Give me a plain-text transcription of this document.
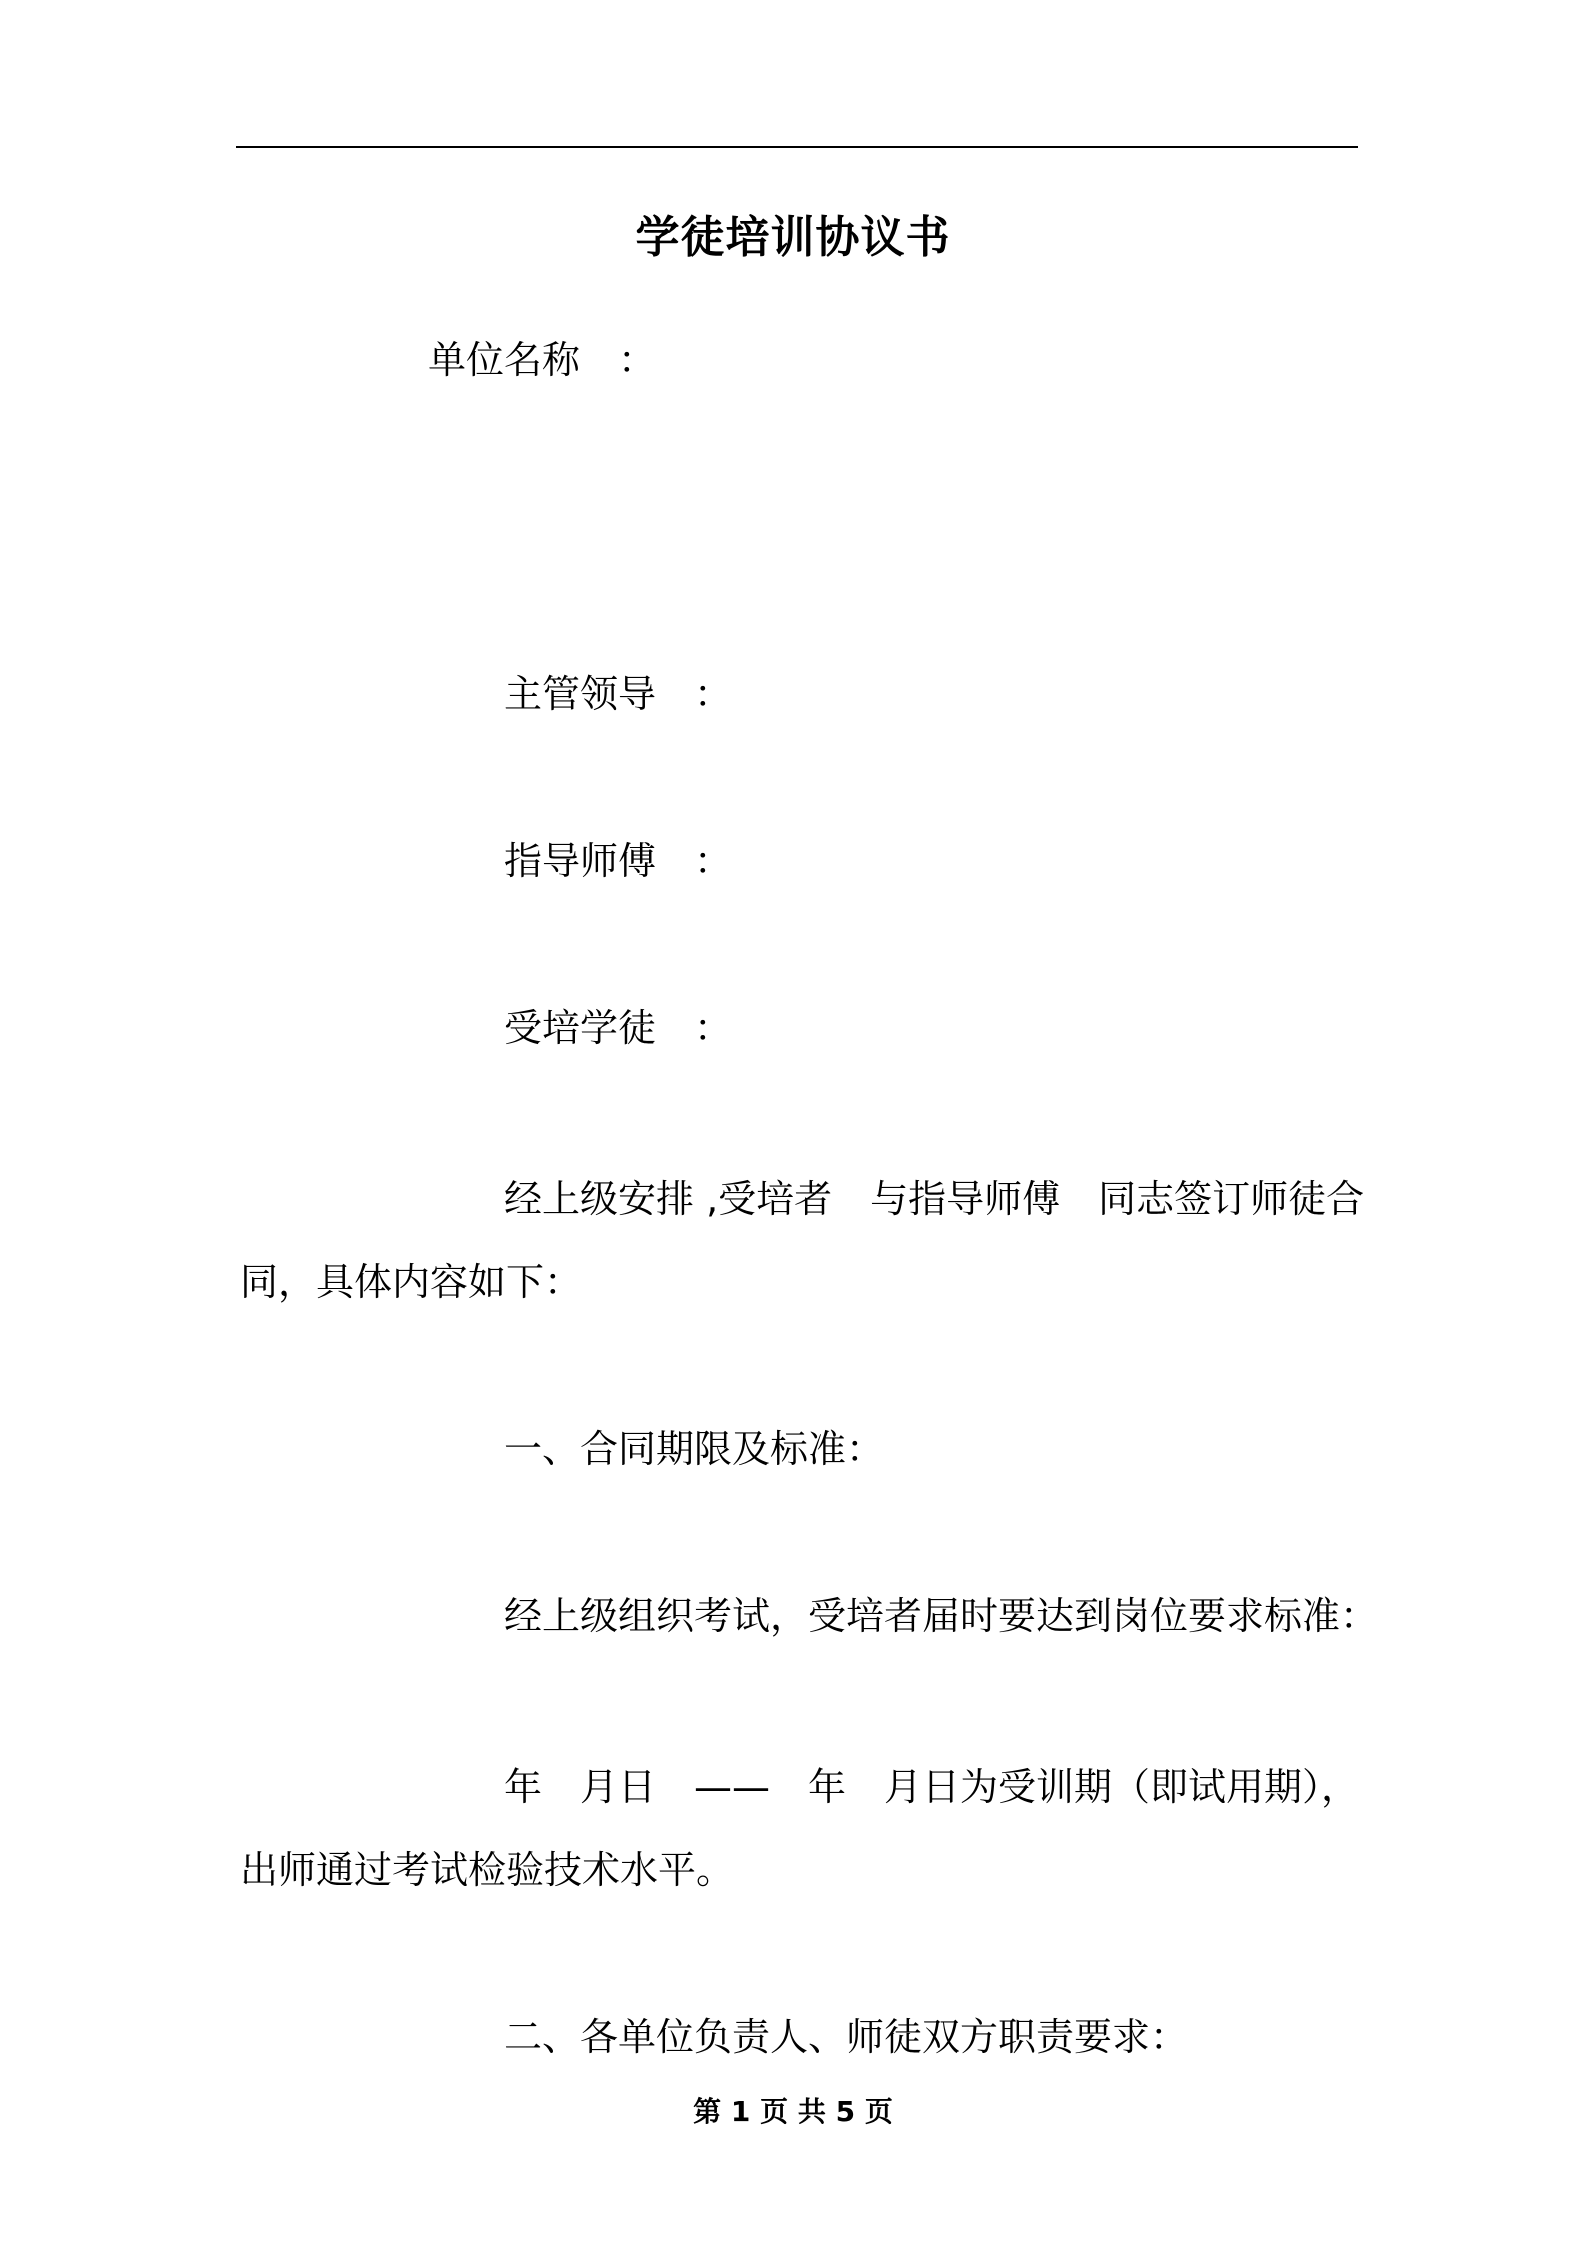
学徒培训协议书
单位名称　：
主管领导　：
指导师傅　：
受培学徒　：
经上级安排 ,受培者　与指导师傅　同志签订师徒合同，具体内容如下：
一、合同期限及标准：
经上级组织考试，受培者届时要达到岗位要求标准：
年　月日　——　年　月日为受训期（即试用期），出师通过考试检验技术水平。
二、各单位负责人、师徒双方职责要求：
第 1 页 共 5 页
